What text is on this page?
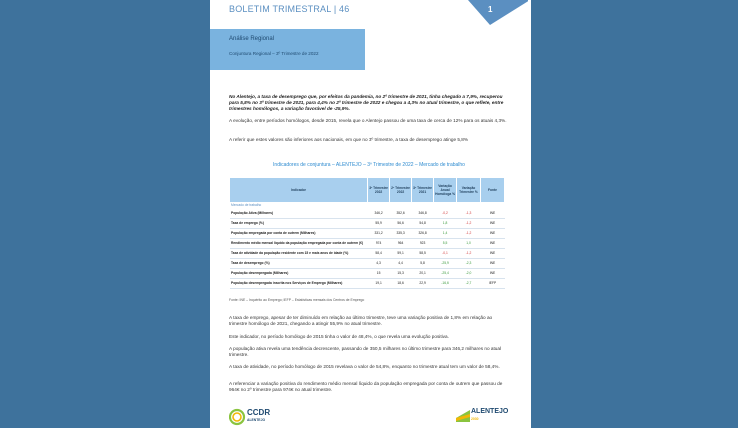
BOLETIM TRIMESTRAL | 46	1
Análise Regional
Conjuntura Regional – 3º Trimestre de 2022
No Alentejo, a taxa de desemprego que, por efeitos da pandemia, no 2º trimestre de 2021, tinha chegado a 7,9%, recuperou para 5,8% no 3º trimestre de 2021, para 4,4% no 2º trimestre de 2022 e chegou a 4,3% no atual trimestre, o que reflete, entre trimestres homólogos, a variação favorável de -25,9%.
A evolução, entre períodos homólogos, desde 2015, revela que o Alentejo passou de uma taxa de cerca de 12% para os atuais 4,3%.
A referir que estes valores são inferiores aos nacionais, em que no 3º trimestre, a taxa de desemprego atinge 5,8%
Indicadores de conjuntura – ALENTEJO – 3º Trimestre de 2022 – Mercado de trabalho
Indicador	3º Trimestre 2022	2º Trimestre 2022	3º Trimestre 2021	Variação Anual Homóloga %	Variação Trimestre %	Fonte
Mercado de trabalho						
População Ativa (Milhares)	346,2	352,6	346,8	-0,2	-1,3	INE
Taxa de emprego (%)	55,9	56,6	54,8	1,8	-1,2	INE
População empregada por conta de outrem (Milhares)	331,2	335,3	326,8	1,4	-1,2	INE
Rendimento médio mensal líquido da população empregada por conta de outrem (€)	974	964	923	5,5	1,0	INE
Taxa de atividade da população residente com 15 e mais anos de idade (%)	58,4	59,1	58,5	-0,1	-1,2	INE
Taxa de desemprego (%)	4,3	4,4	5,8	-25,9	-2,3	INE
População desempregada (Milhares)	15	15,3	20,1	-25,4	-2,0	INE
População desempregada inscrita nos Serviços de Emprego (Milhares)	19,1	18,6	22,9	-16,6	-2,7	IEFP
Fonte: INE – Inquérito ao Emprego; IEFP – Estatísticas mensais dos Centros de Emprego
A taxa de emprego, apesar de ter diminuído em relação ao último trimestre, teve uma variação positiva de 1,8% em relação ao trimestre homólogo de 2021, chegando a atingir 55,9% no atual trimestre.
Este indicador, no período homólogo de 2015 tinha o valor de 48,4%, o que revela uma evolução positiva.
A população ativa revela uma tendência decrescente, passando de 350,5 milhares no último trimestre para 346,2 milhares no atual trimestre.
A taxa de atividade, no período homólogo de 2015 revelava o valor de 54,8%, enquanto no trimestre atual tem um valor de 58,4%.
A referenciar a variação positiva do rendimento médio mensal líquido da população empregada por conta de outrem que passou de 964€ no 2º trimestre para 974€ no atual trimestre.
CCDR
ALENTEJO
ALENTEJO
2030
